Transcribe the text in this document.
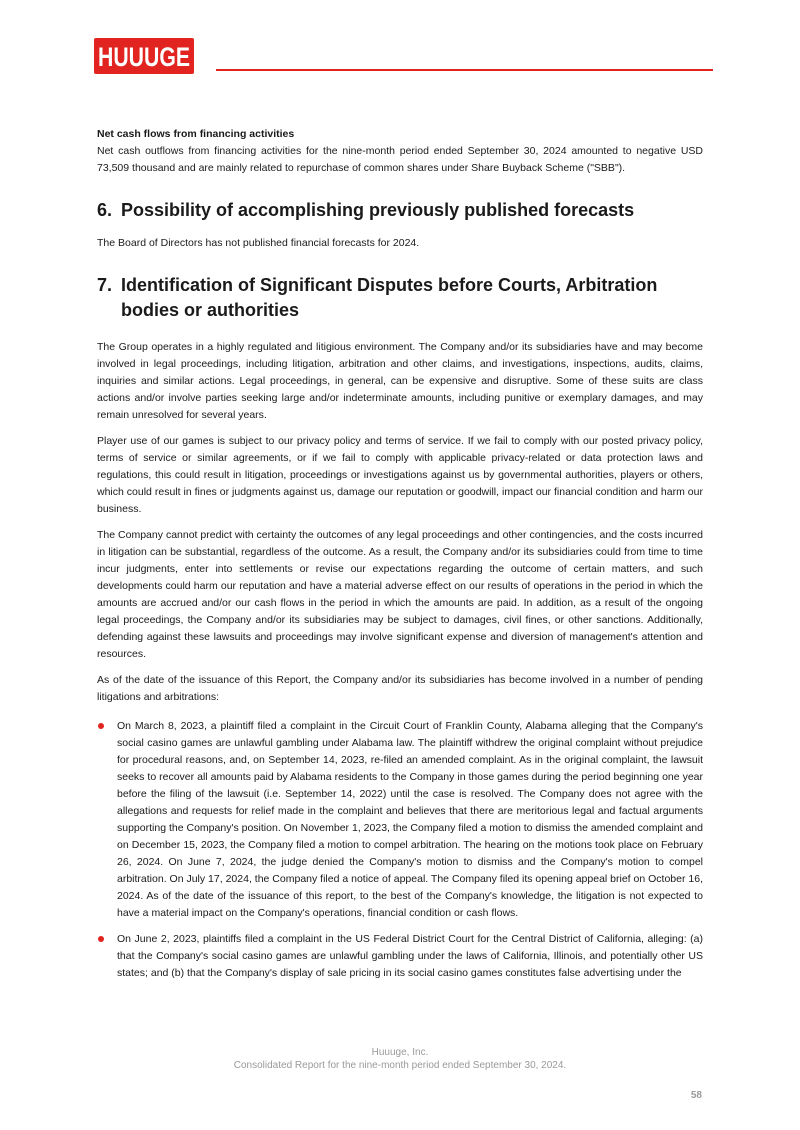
HUUUGE
Net cash flows from financing activities

Net cash outflows from financing activities for the nine-month period ended September 30, 2024 amounted to negative USD 73,509 thousand and are mainly related to repurchase of common shares under Share Buyback Scheme ("SBB").

6. Possibility of accomplishing previously published forecasts

The Board of Directors has not published financial forecasts for 2024.

7. Identification of Significant Disputes before Courts, Arbitration bodies or authorities

The Group operates in a highly regulated and litigious environment. The Company and/or its subsidiaries have and may become involved in legal proceedings, including litigation, arbitration and other claims, and investigations, inspections, audits, claims, inquiries and similar actions. Legal proceedings, in general, can be expensive and disruptive. Some of these suits are class actions and/or involve parties seeking large and/or indeterminate amounts, including punitive or exemplary damages, and may remain unresolved for several years.

Player use of our games is subject to our privacy policy and terms of service. If we fail to comply with our posted privacy policy, terms of service or similar agreements, or if we fail to comply with applicable privacy-related or data protection laws and regulations, this could result in litigation, proceedings or investigations against us by governmental authorities, players or others, which could result in fines or judgments against us, damage our reputation or goodwill, impact our financial condition and harm our business.

The Company cannot predict with certainty the outcomes of any legal proceedings and other contingencies, and the costs incurred in litigation can be substantial, regardless of the outcome. As a result, the Company and/or its subsidiaries could from time to time incur judgments, enter into settlements or revise our expectations regarding the outcome of certain matters, and such developments could harm our reputation and have a material adverse effect on our results of operations in the period in which the amounts are accrued and/or our cash flows in the period in which the amounts are paid. In addition, as a result of the ongoing legal proceedings, the Company and/or its subsidiaries may be subject to damages, civil fines, or other sanctions. Additionally, defending against these lawsuits and proceedings may involve significant expense and diversion of management's attention and resources.

As of the date of the issuance of this Report, the Company and/or its subsidiaries has become involved in a number of pending litigations and arbitrations:

On March 8, 2023, a plaintiff filed a complaint in the Circuit Court of Franklin County, Alabama alleging that the Company's social casino games are unlawful gambling under Alabama law. The plaintiff withdrew the original complaint without prejudice for procedural reasons, and, on September 14, 2023, re-filed an amended complaint. As in the original complaint, the lawsuit seeks to recover all amounts paid by Alabama residents to the Company in those games during the period beginning one year before the filing of the lawsuit (i.e. September 14, 2022) until the case is resolved. The Company does not agree with the allegations and requests for relief made in the complaint and believes that there are meritorious legal and factual arguments supporting the Company's position. On November 1, 2023, the Company filed a motion to dismiss the amended complaint and on December 15, 2023, the Company filed a motion to compel arbitration. The hearing on the motions took place on February 26, 2024. On June 7, 2024, the judge denied the Company's motion to dismiss and the Company's motion to compel arbitration. On July 17, 2024, the Company filed a notice of appeal. The Company filed its opening appeal brief on October 16, 2024. As of the date of the issuance of this report, to the best of the Company's knowledge, the litigation is not expected to have a material impact on the Company's operations, financial condition or cash flows.

On June 2, 2023, plaintiffs filed a complaint in the US Federal District Court for the Central District of California, alleging: (a) that the Company's social casino games are unlawful gambling under the laws of California, Illinois, and potentially other US states; and (b) that the Company's display of sale pricing in its social casino games constitutes false advertising under the

Huuuge, Inc.
Consolidated Report for the nine-month period ended September 30, 2024.
58
